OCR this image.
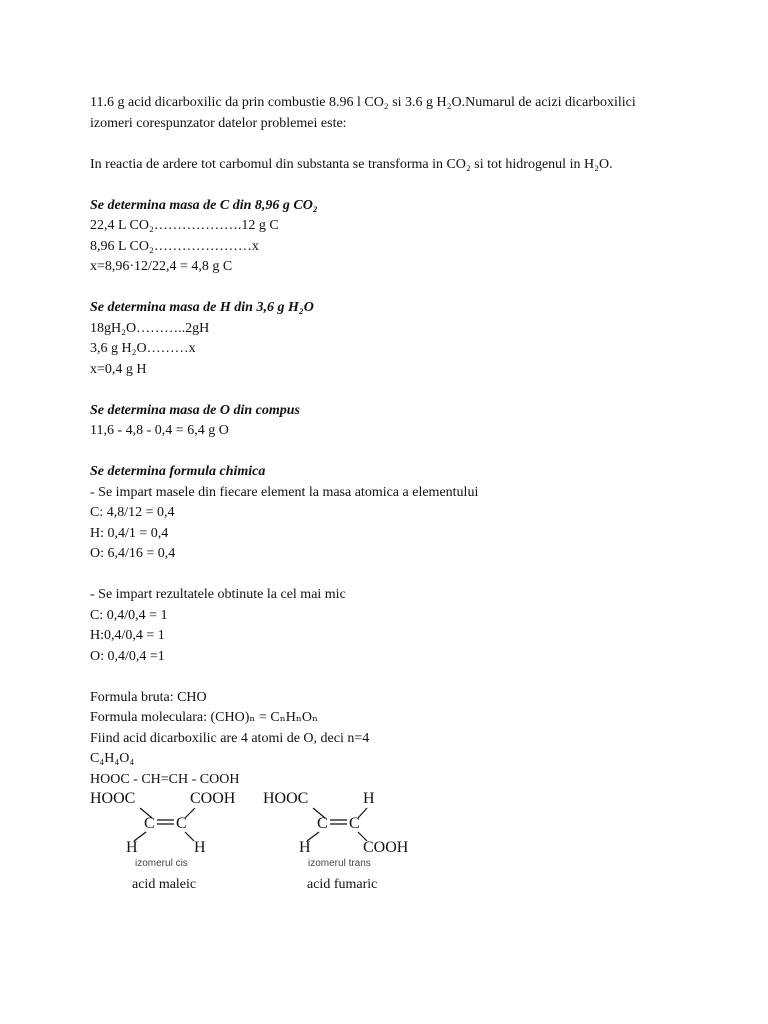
11.6 g acid dicarboxilic da prin combustie 8.96 l CO₂ si 3.6 g H₂O.Numarul de acizi dicarboxilici
izomeri corespunzator datelor problemei este:
In reactia de ardere tot carbomul din substanta se transforma in CO₂ si tot hidrogenul in H₂O.
Se determina masa de C din 8,96 g CO₂
22,4 L CO₂……………….12 g C
8,96 L CO₂…………………x
x=8,96·12/22,4 = 4,8 g C
Se determina masa de H din 3,6 g H₂O
18gH₂O………..2gH
3,6 g H₂O………x
x=0,4 g H
Se determina masa de O din compus
11,6 - 4,8 - 0,4 = 6,4 g O
Se determina formula chimica
- Se impart masele din fiecare element la masa atomica a elementului
C: 4,8/12 = 0,4
H: 0,4/1 = 0,4
O: 6,4/16 = 0,4
- Se impart rezultatele obtinute la cel mai mic
C: 0,4/0,4 = 1
H:0,4/0,4 = 1
O: 0,4/0,4 =1
Formula bruta: CHO
Formula moleculara: (CHO)ₙ = CₙHₙOₙ
Fiind acid dicarboxilic are 4 atomi de O, deci n=4
C₄H₄O₄
HOOC - CH=CH - COOH
HOOC	COOH
C C
H	H
izomerul cis
acid maleic
HOOC	H
C C
H	COOH
izomerul trans
acid fumaric
